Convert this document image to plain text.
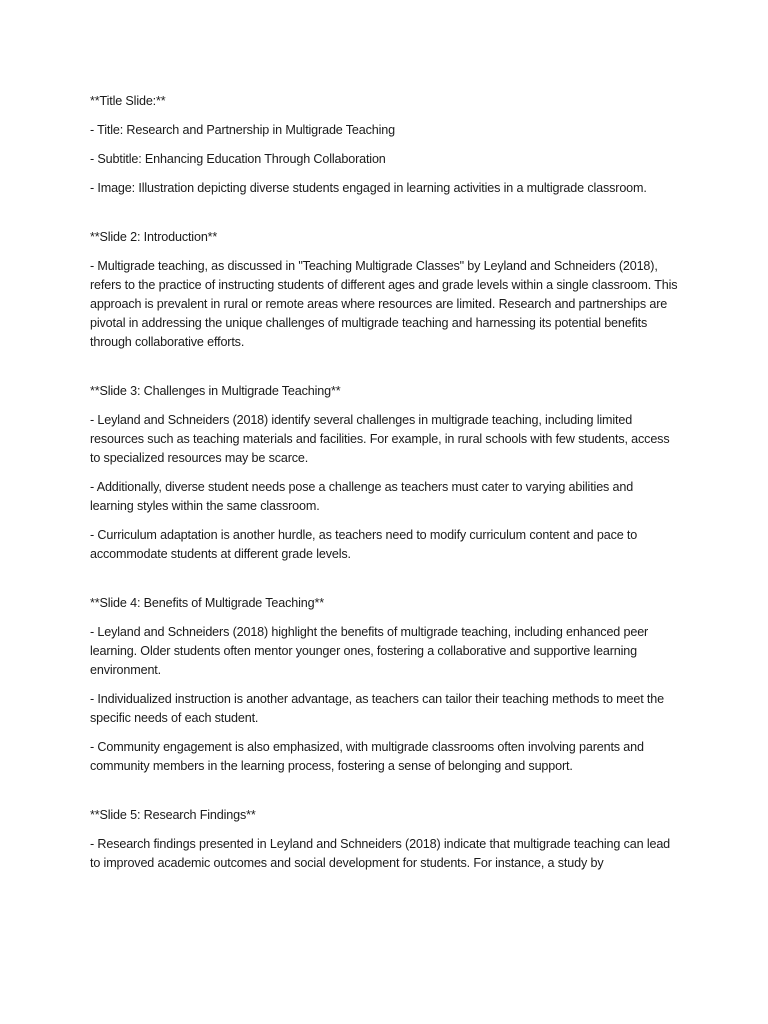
**Title Slide:**

- Title: Research and Partnership in Multigrade Teaching

- Subtitle: Enhancing Education Through Collaboration

- Image: Illustration depicting diverse students engaged in learning activities in a multigrade classroom.

**Slide 2: Introduction**

- Multigrade teaching, as discussed in "Teaching Multigrade Classes" by Leyland and Schneiders (2018), refers to the practice of instructing students of different ages and grade levels within a single classroom. This approach is prevalent in rural or remote areas where resources are limited. Research and partnerships are pivotal in addressing the unique challenges of multigrade teaching and harnessing its potential benefits through collaborative efforts.

**Slide 3: Challenges in Multigrade Teaching**

- Leyland and Schneiders (2018) identify several challenges in multigrade teaching, including limited resources such as teaching materials and facilities. For example, in rural schools with few students, access to specialized resources may be scarce.

- Additionally, diverse student needs pose a challenge as teachers must cater to varying abilities and learning styles within the same classroom.

- Curriculum adaptation is another hurdle, as teachers need to modify curriculum content and pace to accommodate students at different grade levels.

**Slide 4: Benefits of Multigrade Teaching**

- Leyland and Schneiders (2018) highlight the benefits of multigrade teaching, including enhanced peer learning. Older students often mentor younger ones, fostering a collaborative and supportive learning environment.

- Individualized instruction is another advantage, as teachers can tailor their teaching methods to meet the specific needs of each student.

- Community engagement is also emphasized, with multigrade classrooms often involving parents and community members in the learning process, fostering a sense of belonging and support.

**Slide 5: Research Findings**

- Research findings presented in Leyland and Schneiders (2018) indicate that multigrade teaching can lead to improved academic outcomes and social development for students. For instance, a study by
